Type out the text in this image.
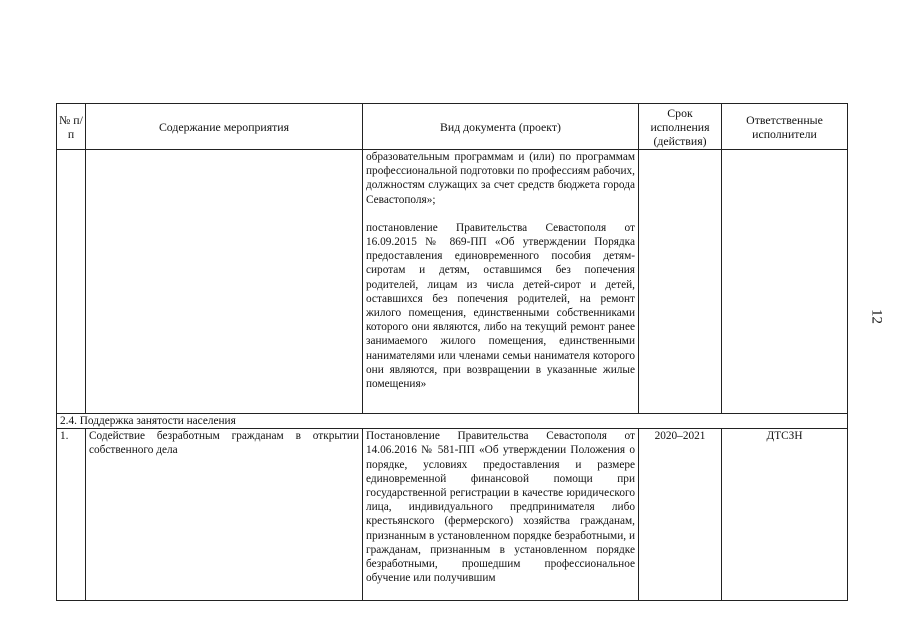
12
№ п/п	Содержание мероприятия	Вид документа (проект)	Срок исполнения (действия)	Ответственные исполнители

		образовательным программам и (или) по программам профессиональной подготовки по профессиям рабочих, должностям служащих за счет средств бюджета города Севастополя»;
постановление Правительства Севастополя от 16.09.2015 № 869-ПП «Об утверждении Порядка предоставления единовременного пособия детям-сиротам и детям, оставшимся без попечения родителей, лицам из числа детей-сирот и детей, оставшихся без попечения родителей, на ремонт жилого помещения, единственными собственниками которого они являются, либо на текущий ремонт ранее занимаемого жилого помещения, единственными нанимателями или членами семьи нанимателя которого они являются, при возвращении в указанные жилые помещения»		

2.4. Поддержка занятости населения				
1.	Содействие безработным гражданам в открытии собственного дела	Постановление Правительства Севастополя от 14.06.2016 № 581-ПП «Об утверждении Положения о порядке, условиях предоставления и размере единовременной финансовой помощи при государственной регистрации в качестве юридического лица, индивидуального предпринимателя либо крестьянского (фермерского) хозяйства гражданам, признанным в установленном порядке безработными, и гражданам, признанным в установленном порядке безработными, прошедшим профессиональное обучение или получившим	2020–2021	ДТСЗН
